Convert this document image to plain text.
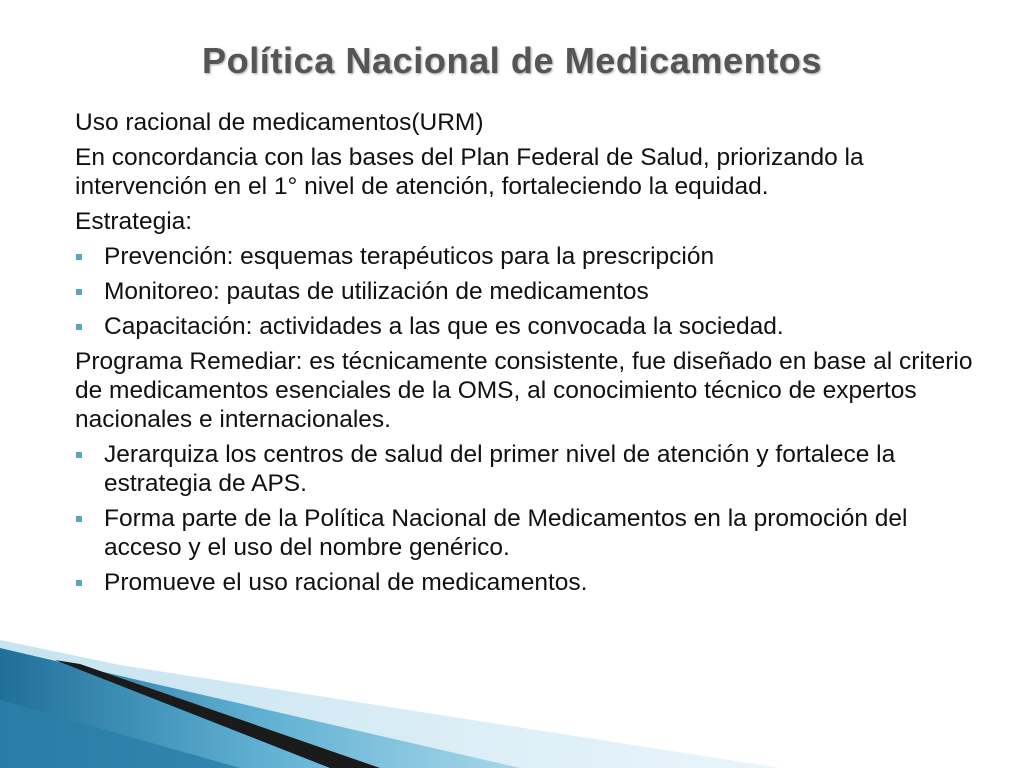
Política Nacional de Medicamentos

Uso racional de medicamentos(URM)

En concordancia con las bases del Plan Federal de Salud, priorizando la intervención en el 1° nivel de atención, fortaleciendo la equidad.

Estrategia:

Prevención: esquemas terapéuticos para la prescripción
Monitoreo: pautas de utilización de medicamentos
Capacitación: actividades a las que es convocada la sociedad.

Programa Remediar: es técnicamente consistente, fue diseñado en base al criterio de medicamentos esenciales de la OMS, al conocimiento técnico de expertos nacionales e internacionales.

Jerarquiza los centros de salud del primer nivel de atención y fortalece la estrategia de APS.
Forma parte de la Política Nacional de Medicamentos en la promoción del acceso y el uso del nombre genérico.
Promueve el uso racional de medicamentos.
